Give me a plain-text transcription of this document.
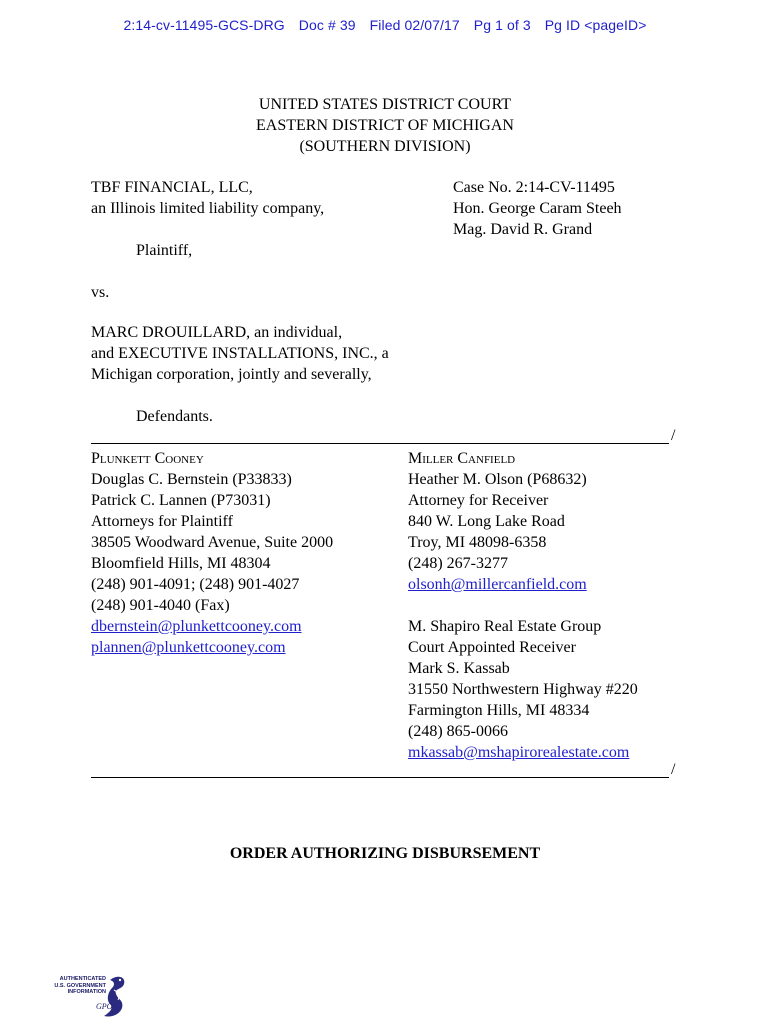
2:14-cv-11495-GCS-DRG Doc # 39 Filed 02/07/17 Pg 1 of 3 Pg ID <pageID>
UNITED STATES DISTRICT COURT
EASTERN DISTRICT OF MICHIGAN
(SOUTHERN DIVISION)
TBF FINANCIAL, LLC,
an Illinois limited liability company,
Plaintiff,
Case No. 2:14-CV-11495
Hon. George Caram Steeh
Mag. David R. Grand
vs.
MARC DROUILLARD, an individual,
and EXECUTIVE INSTALLATIONS, INC., a
Michigan corporation, jointly and severally,
Defendants.
/
Plunkett Cooney
Douglas C. Bernstein (P33833)
Patrick C. Lannen (P73031)
Attorneys for Plaintiff
38505 Woodward Avenue, Suite 2000
Bloomfield Hills, MI 48304
(248) 901-4091; (248) 901-4027
(248) 901-4040 (Fax)
dbernstein@plunkettcooney.com
plannen@plunkettcooney.com
Miller Canfield
Heather M. Olson (P68632)
Attorney for Receiver
840 W. Long Lake Road
Troy, MI 48098-6358
(248) 267-3277
olsonh@millercanfield.com
M. Shapiro Real Estate Group
Court Appointed Receiver
Mark S. Kassab
31550 Northwestern Highway #220
Farmington Hills, MI 48334
(248) 865-0066
mkassab@mshapirorealestate.com
/
ORDER AUTHORIZING DISBURSEMENT
AUTHENTICATED
U.S. GOVERNMENT
INFORMATION
GPO
